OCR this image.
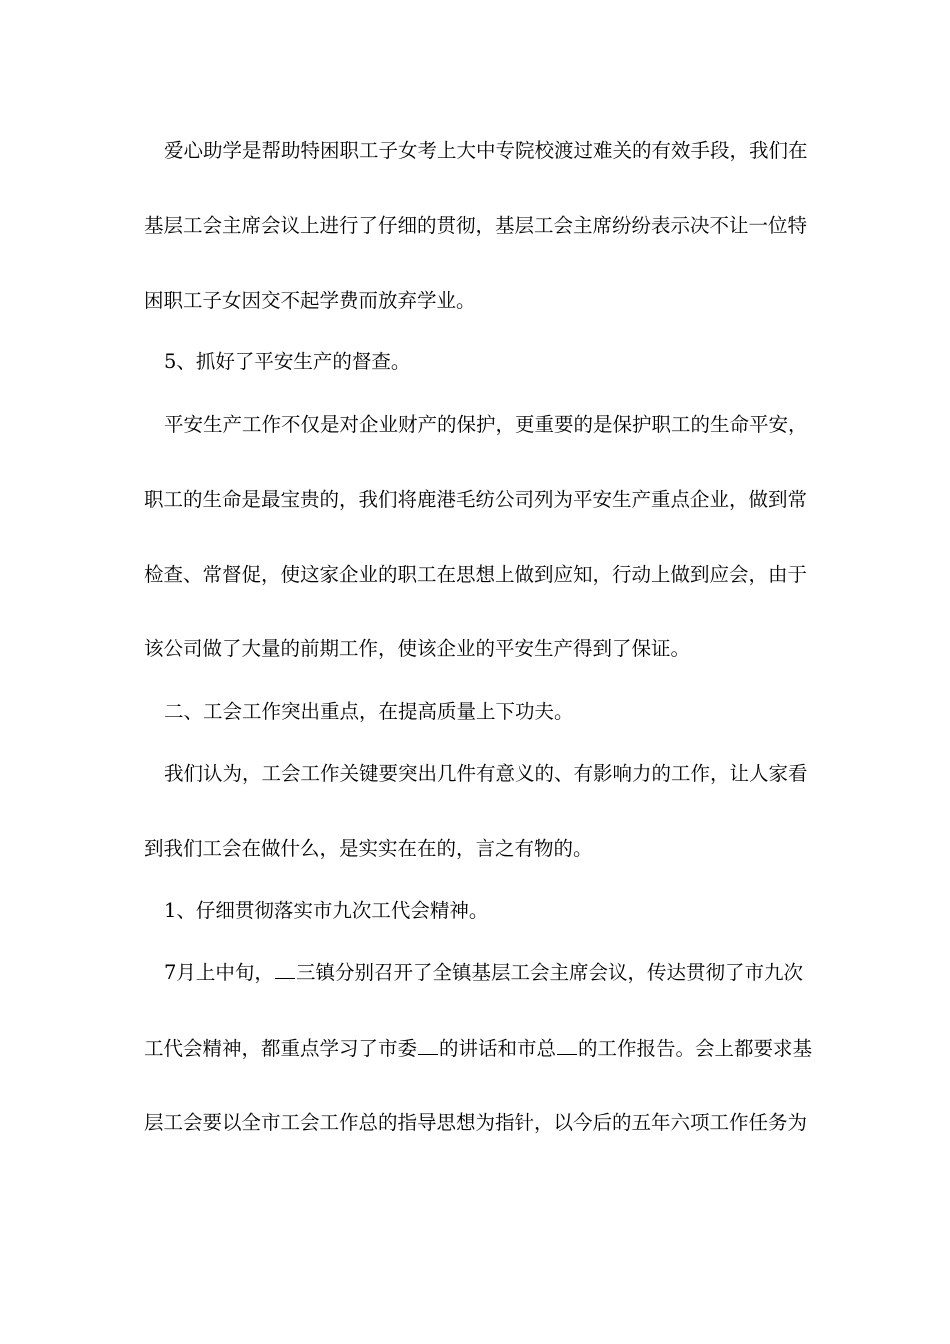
爱心助学是帮助特困职工子女考上大中专院校渡过难关的有效手段，我们在

基层工会主席会议上进行了仔细的贯彻，基层工会主席纷纷表示决不让一位特

困职工子女因交不起学费而放弃学业。

5、抓好了平安生产的督查。

平安生产工作不仅是对企业财产的保护，更重要的是保护职工的生命平安，

职工的生命是最宝贵的，我们将鹿港毛纺公司列为平安生产重点企业，做到常

检查、常督促，使这家企业的职工在思想上做到应知，行动上做到应会，由于

该公司做了大量的前期工作，使该企业的平安生产得到了保证。

二、工会工作突出重点，在提高质量上下功夫。

我们认为，工会工作关键要突出几件有意义的、有影响力的工作，让人家看

到我们工会在做什么，是实实在在的，言之有物的。

1、仔细贯彻落实市九次工代会精神。

7月上中旬， 三镇分别召开了全镇基层工会主席会议，传达贯彻了市九次

工代会精神，都重点学习了市委 的讲话和市总 的工作报告。会上都要求基

层工会要以全市工会工作总的指导思想为指针，以今后的五年六项工作任务为
